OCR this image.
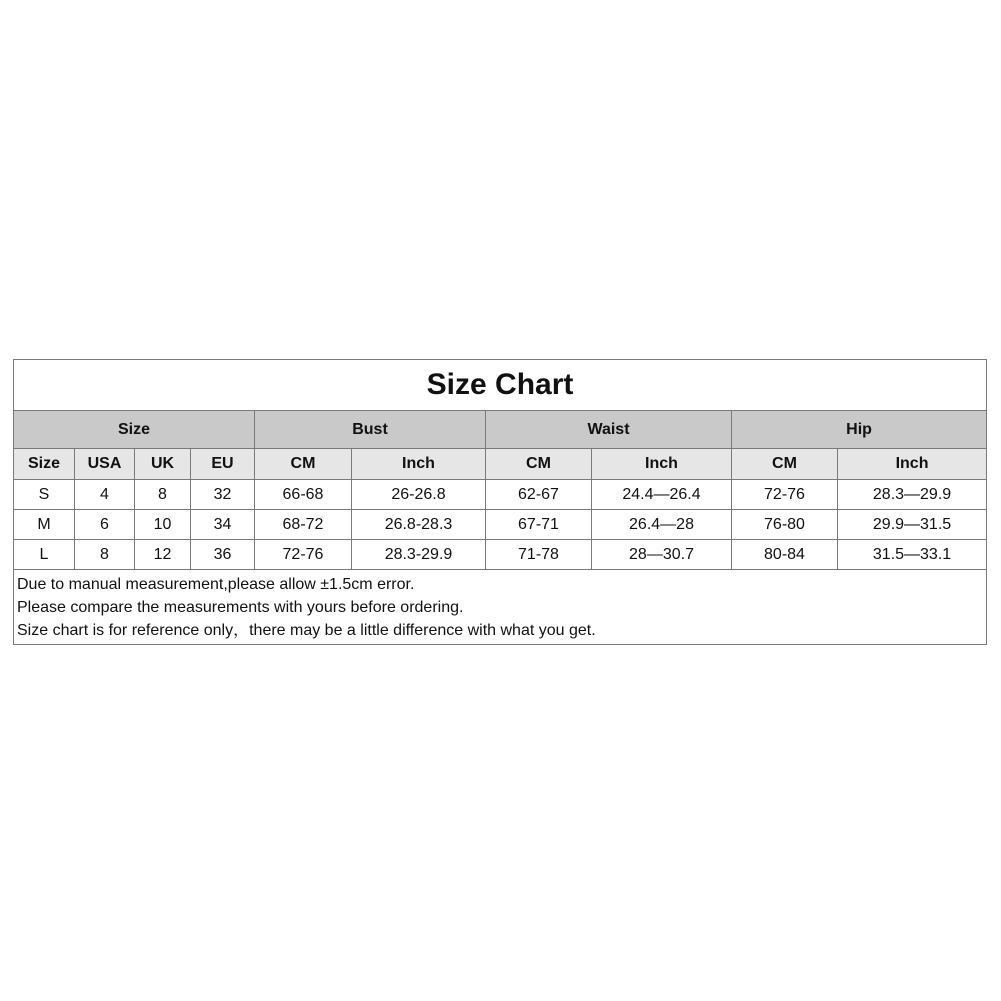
Size Chart									
Size				Bust		Waist		Hip	
Size	USA	UK	EU	CM	Inch	CM	Inch	CM	Inch
S	4	8	32	66-68	26-26.8	62-67	24.4—26.4	72-76	28.3—29.9
M	6	10	34	68-72	26.8-28.3	67-71	26.4—28	76-80	29.9—31.5
L	8	12	36	72-76	28.3-29.9	71-78	28—30.7	80-84	31.5—33.1

Due to manual measurement,please allow ±1.5cm error.
Please compare the measurements with yours before ordering.
Size chart is for reference only，there may be a little difference with what you get.									
